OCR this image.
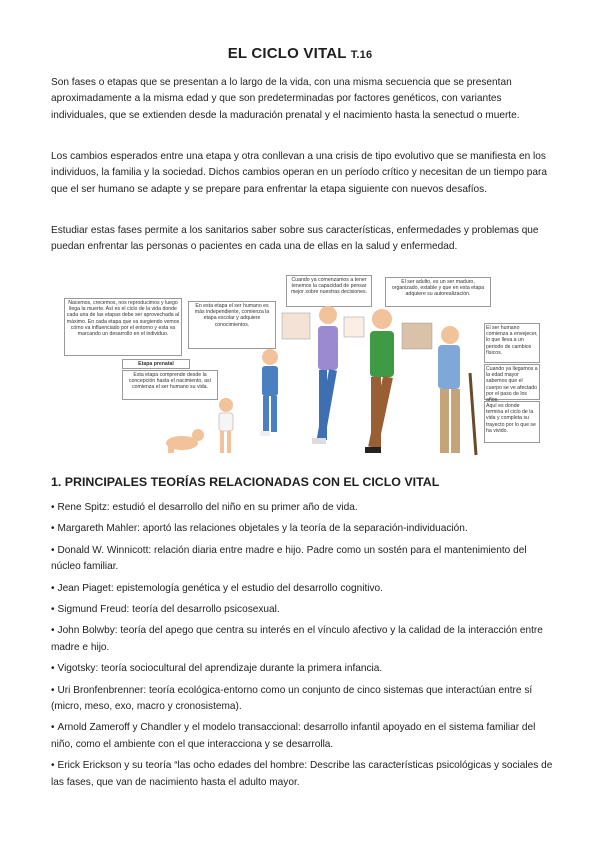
EL CICLO VITAL T.16

Son fases o etapas que se presentan a lo largo de la vida, con una misma secuencia que se presentan aproximadamente a la misma edad y que son predeterminadas por factores genéticos, con variantes individuales, que se extienden desde la maduración prenatal y el nacimiento hasta la senectud o muerte.

Los cambios esperados entre una etapa y otra conllevan a una crisis de tipo evolutivo que se manifiesta en los individuos, la familia y la sociedad. Dichos cambios operan en un período crítico y necesitan de un tiempo para que el ser humano se adapte y se prepare para enfrentar la etapa siguiente con nuevos desafíos.

Estudiar estas fases permite a los sanitarios saber sobre sus características, enfermedades y problemas que puedan enfrentar las personas o pacientes en cada una de ellas en la salud y enfermedad.

Nacemos, crecemos, nos reproducimos y luego llega la muerte. Así es el ciclo de la vida donde cada una de las etapas debe ser aprovechada al máximo. En cada etapa que va surgiendo vemos cómo va influenciado por el entorno y esta va marcando un desarrollo en el individuo.
Etapa prenatal
Esta etapa comprende desde la concepción hasta el nacimiento, así comienza el ser humano su vida.
En esta etapa el ser humano es más independiente, comienza la etapa escolar y adquiere conocimientos.
Cuando ya comenzamos a tener tenemos la capacidad de pensar mejor sobre nuestras decisiones.
El ser adulto, es un ser maduro, organizado, estable y que en esta etapa adquiere su autorealización.
El ser humano comienza a envejecer, lo que lleva a un periodo de cambios físicos.
Cuando ya llegamos a la edad mayor sabemos que el cuerpo se ve afectado por el paso de los
Aquí es donde termina el ciclo de la vida y completa su trayecto por lo que se ha vivido.
1. PRINCIPALES TEORÍAS RELACIONADAS CON EL CICLO VITAL
• Rene Spitz: estudió el desarrollo del niño en su primer año de vida.
• Margareth Mahler: aportó las relaciones objetales y la teoría de la separación-individuación.
• Donald W. Winnicott: relación diaria entre madre e hijo. Padre como un sostén para el mantenimiento del núcleo familiar.
• Jean Piaget: epistemología genética y el estudio del desarrollo cognitivo.
• Sigmund Freud: teoría del desarrollo psicosexual.
• John Bolwby: teoría del apego que centra su interés en el vínculo afectivo y la calidad de la interacción entre madre e hijo.
• Vigotsky: teoría sociocultural del aprendizaje durante la primera infancia.
• Uri Bronfenbrenner: teoría ecológica-entorno como un conjunto de cinco sistemas que interactúan entre sí (micro, meso, exo, macro y cronosistema).
• Arnold Zameroff y Chandler y el modelo transaccional: desarrollo infantil apoyado en el sistema familiar del niño, como el ambiente con el que interacciona y se desarrolla.
• Erick Erickson y su teoría “las ocho edades del hombre: Describe las características psicológicas y sociales de las fases, que van de nacimiento hasta el adulto mayor.
